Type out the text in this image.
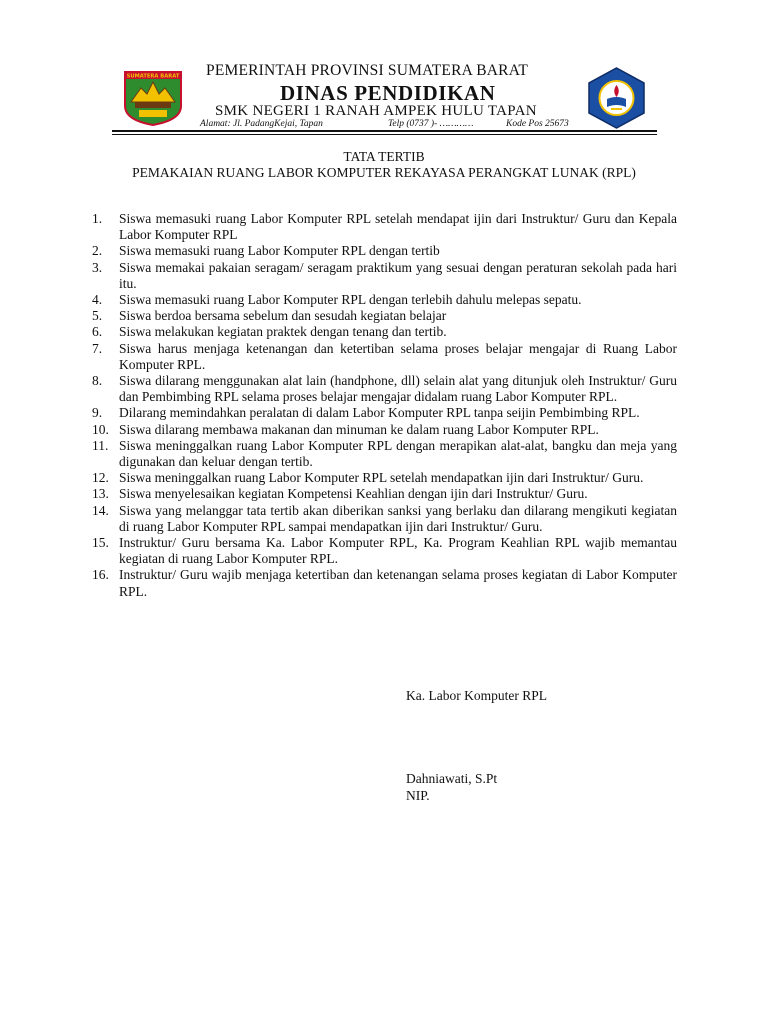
SUMATERA BARAT PEMERINTAH PROVINSI SUMATERA BARAT
DINAS PENDIDIKAN
SMK NEGERI 1 RANAH AMPEK HULU TAPAN
Alamat: Jl. PadangKejai, Tapan	Telp (0737 )- …………	Kode Pos 25673
TATA TERTIB
PEMAKAIAN RUANG LABOR KOMPUTER REKAYASA PERANGKAT LUNAK (RPL)
1.	Siswa memasuki ruang Labor Komputer RPL setelah mendapat ijin dari Instruktur/ Guru dan Kepala Labor Komputer RPL
2.	Siswa memasuki ruang Labor Komputer RPL dengan tertib
3.	Siswa memakai pakaian seragam/ seragam praktikum yang sesuai dengan peraturan sekolah pada hari itu.
4.	Siswa memasuki ruang Labor Komputer RPL dengan terlebih dahulu melepas sepatu.
5.	Siswa berdoa bersama sebelum dan sesudah kegiatan belajar
6.	Siswa melakukan kegiatan praktek dengan tenang dan tertib.
7.	Siswa harus menjaga ketenangan dan ketertiban selama proses belajar mengajar di Ruang Labor Komputer RPL.
8.	Siswa dilarang menggunakan alat lain (handphone, dll) selain alat yang ditunjuk oleh Instruktur/ Guru dan Pembimbing RPL selama proses belajar mengajar didalam ruang Labor Komputer RPL.
9.	Dilarang memindahkan peralatan di dalam Labor Komputer RPL tanpa seijin Pembimbing RPL.
10. Siswa dilarang membawa makanan dan minuman ke dalam ruang Labor Komputer RPL.
11. Siswa meninggalkan ruang Labor Komputer RPL dengan merapikan alat-alat, bangku dan meja yang digunakan dan keluar dengan tertib.
12. Siswa meninggalkan ruang Labor Komputer RPL setelah mendapatkan ijin dari Instruktur/ Guru.
13. Siswa menyelesaikan kegiatan Kompetensi Keahlian dengan ijin dari Instruktur/ Guru.
14. Siswa yang melanggar tata tertib akan diberikan sanksi yang berlaku dan dilarang mengikuti kegiatan di ruang Labor Komputer RPL sampai mendapatkan ijin dari Instruktur/ Guru.
15. Instruktur/ Guru bersama Ka. Labor Komputer RPL, Ka. Program Keahlian RPL wajib memantau kegiatan di ruang Labor Komputer RPL.
16. Instruktur/ Guru wajib menjaga ketertiban dan ketenangan selama proses kegiatan di Labor Komputer RPL.
Ka. Labor Komputer RPL
Dahniawati, S.Pt
NIP.
